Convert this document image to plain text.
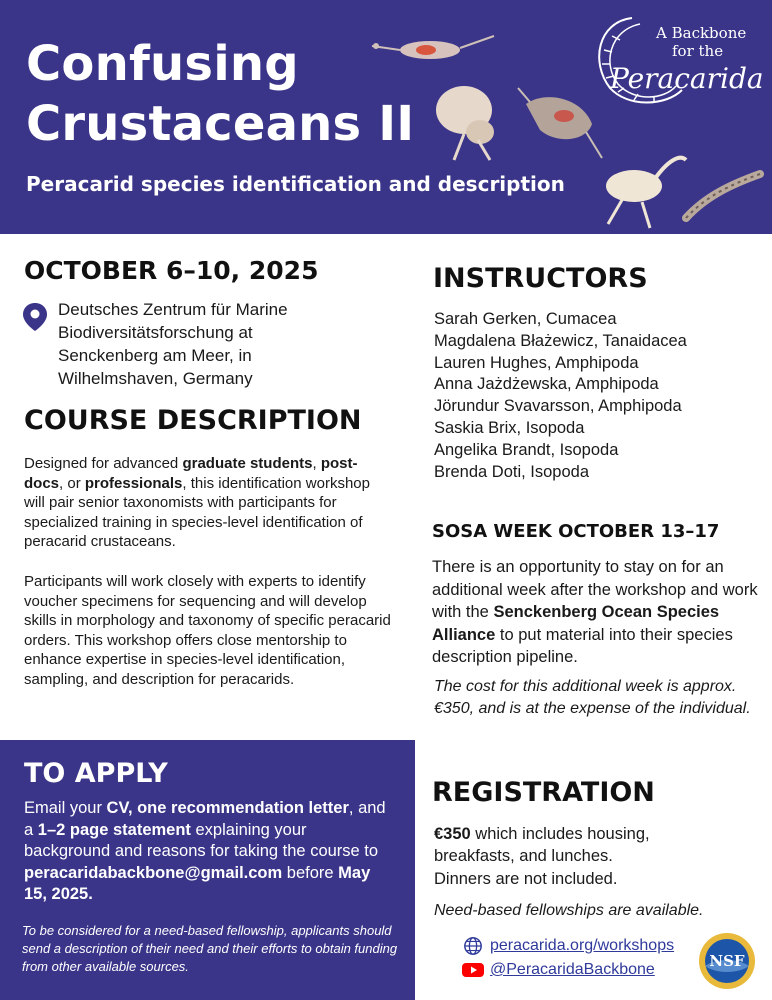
Confusing
Crustaceans II
Peracarid species identification and description
A Backbone
for the
Peracarida
OCTOBER 6–10, 2025
Deutsches Zentrum für Marine
Biodiversitätsforschung at
Senckenberg am Meer, in
Wilhelmshaven, Germany
COURSE DESCRIPTION

Designed for advanced graduate students, post-docs, or professionals, this identification workshop will pair senior taxonomists with participants for specialized training in species-level identification of peracarid crustaceans.

Participants will work closely with experts to identify voucher specimens for sequencing and will develop skills in morphology and taxonomy of specific peracarid orders. This workshop offers close mentorship to enhance expertise in species-level identification, sampling, and description for peracarids.

TO APPLY

Email your CV, one recommendation letter, and a 1–2 page statement explaining your background and reasons for taking the course to peracaridabackbone@gmail.com before May 15, 2025.

To be considered for a need-based fellowship, applicants should send a description of their need and their efforts to obtain funding from other available sources.

INSTRUCTORS
Sarah Gerken, Cumacea
Magdalena Błażewicz, Tanaidacea
Lauren Hughes, Amphipoda
Anna Jażdżewska, Amphipoda
Jörundur Svavarsson, Amphipoda
Saskia Brix, Isopoda
Angelika Brandt, Isopoda
Brenda Doti, Isopoda
SOSA WEEK OCTOBER 13–17

There is an opportunity to stay on for an additional week after the workshop and work with the Senckenberg Ocean Species Alliance to put material into their species description pipeline.

The cost for this additional week is approx. €350, and is at the expense of the individual.

REGISTRATION

€350 which includes housing, breakfasts, and lunches.
Dinners are not included.

Need-based fellowships are available.
peracarida.org/workshops
@PeracaridaBackbone	NSF
